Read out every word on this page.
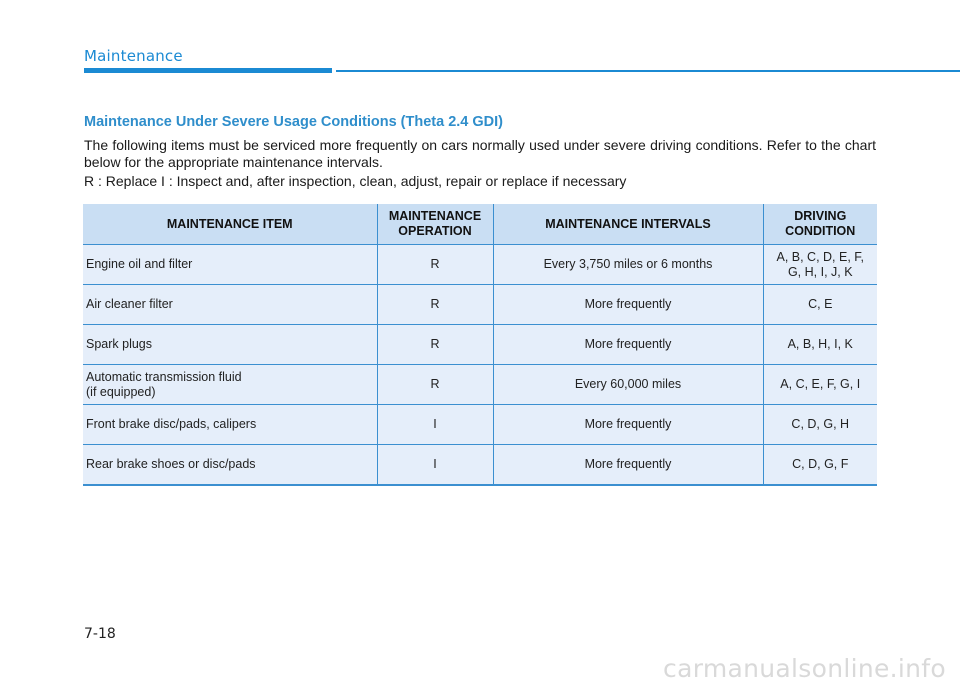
Maintenance
Maintenance Under Severe Usage Conditions (Theta 2.4 GDI)
The following items must be serviced more frequently on cars normally used under severe driving conditions. Refer to the chart below for the appropriate maintenance intervals.
R : Replace I : Inspect and, after inspection, clean, adjust, repair or replace if necessary
MAINTENANCE ITEM	MAINTENANCE OPERATION	MAINTENANCE INTERVALS	DRIVING CONDITION
Engine oil and filter	R	Every 3,750 miles or 6 months	A, B, C, D, E, F,
G, H, I, J, K
Air cleaner filter	R	More frequently	C, E
Spark plugs	R	More frequently	A, B, H, I, K
Automatic transmission fluid
(if equipped)	R	Every 60,000 miles	A, C, E, F, G, I
Front brake disc/pads, calipers	I	More frequently	C, D, G, H
Rear brake shoes or disc/pads	I	More frequently	C, D, G, F
7-18
carmanualsonline.info
